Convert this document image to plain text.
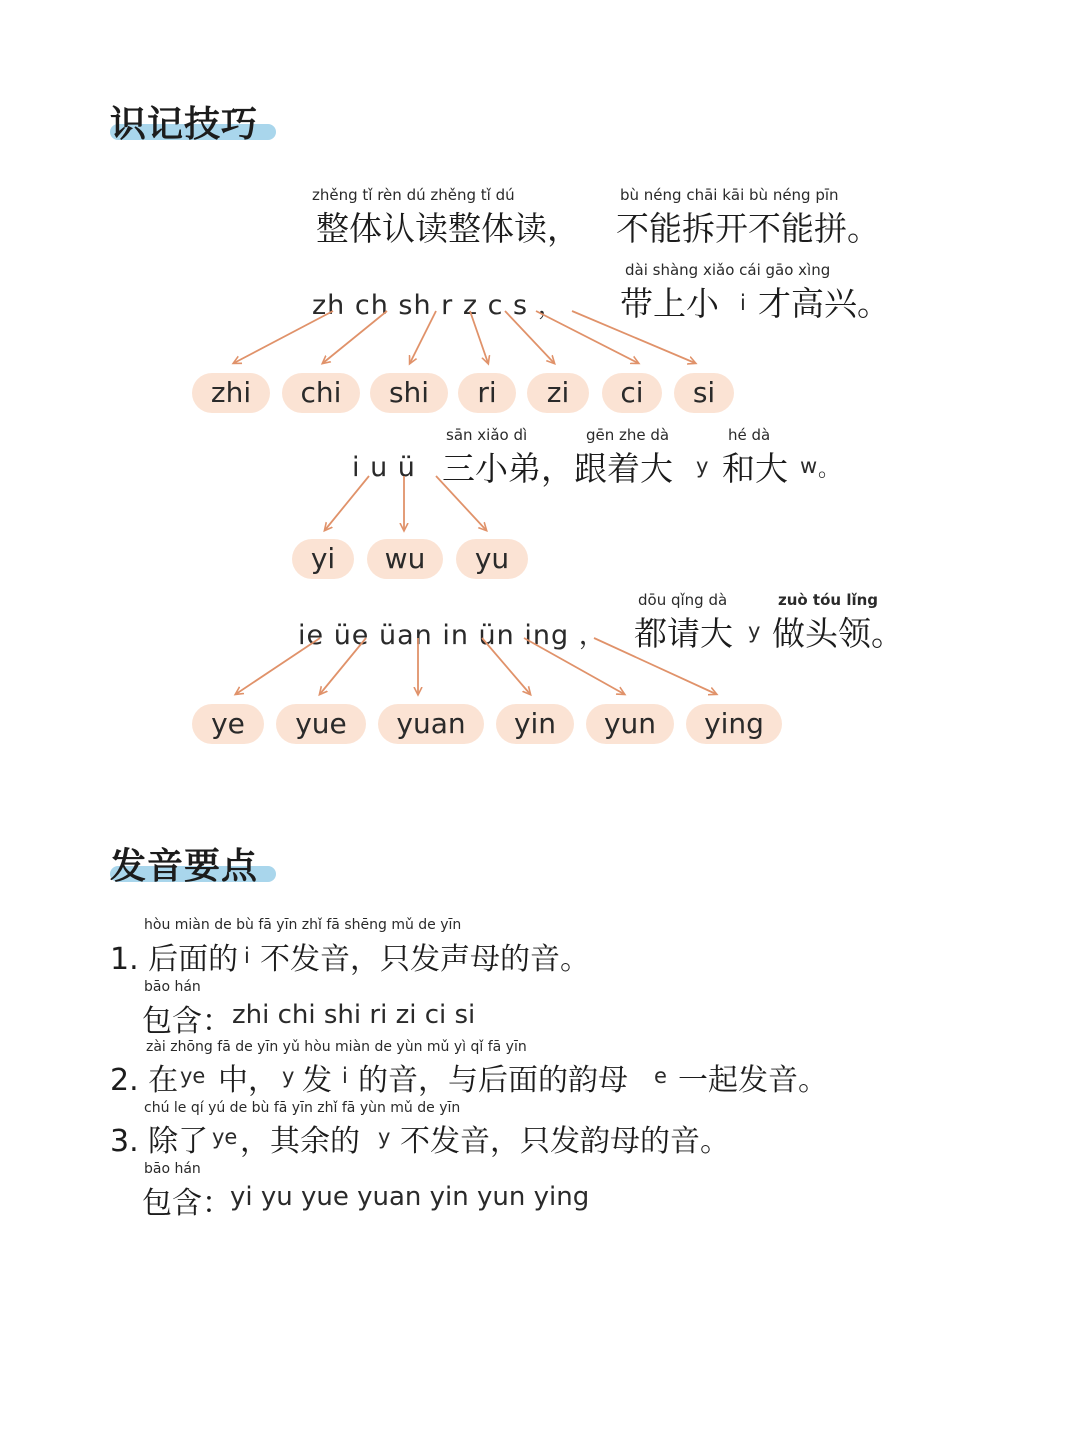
识记技巧
zhěng tǐ rèn dú zhěng tǐ dú
整体认读整体读，
bù néng chāi kāi bù néng pīn
不能拆开不能拼。
zh ch sh r z c s ，
dài shàng xiǎo cái gāo xìng
带上小 i 才高兴。
zhi	chi	shi	ri	zi	ci	si
i u ü
sān xiǎo dì	gēn zhe dà	hé dà
三小弟，跟着大 y 和大 w 。
yi	wu	yu
ie üe üan in ün ing ，
dōu qǐng dà	zuò tóu lǐng
都请大 y 做头领。
ye	yue	yuan	yin	yun	ying
发音要点
hòu miàn de bù fā yīn zhǐ fā shēng mǔ de yīn
1. 后面的 i 不发音，只发声母的音。
bāo hán
包含： zhi chi shi ri zi ci si
zài zhōng fā de yīn yǔ hòu miàn de yùn mǔ yì qǐ fā yīn
2. 在 ye 中， y 发 i 的音，与后面的韵母 e 一起发音。
chú le qí yú de bù fā yīn zhǐ fā yùn mǔ de yīn
3. 除了 ye ，其余的 y 不发音，只发韵母的音。
bāo hán
包含：
yi yu yue yuan yin yun ying
